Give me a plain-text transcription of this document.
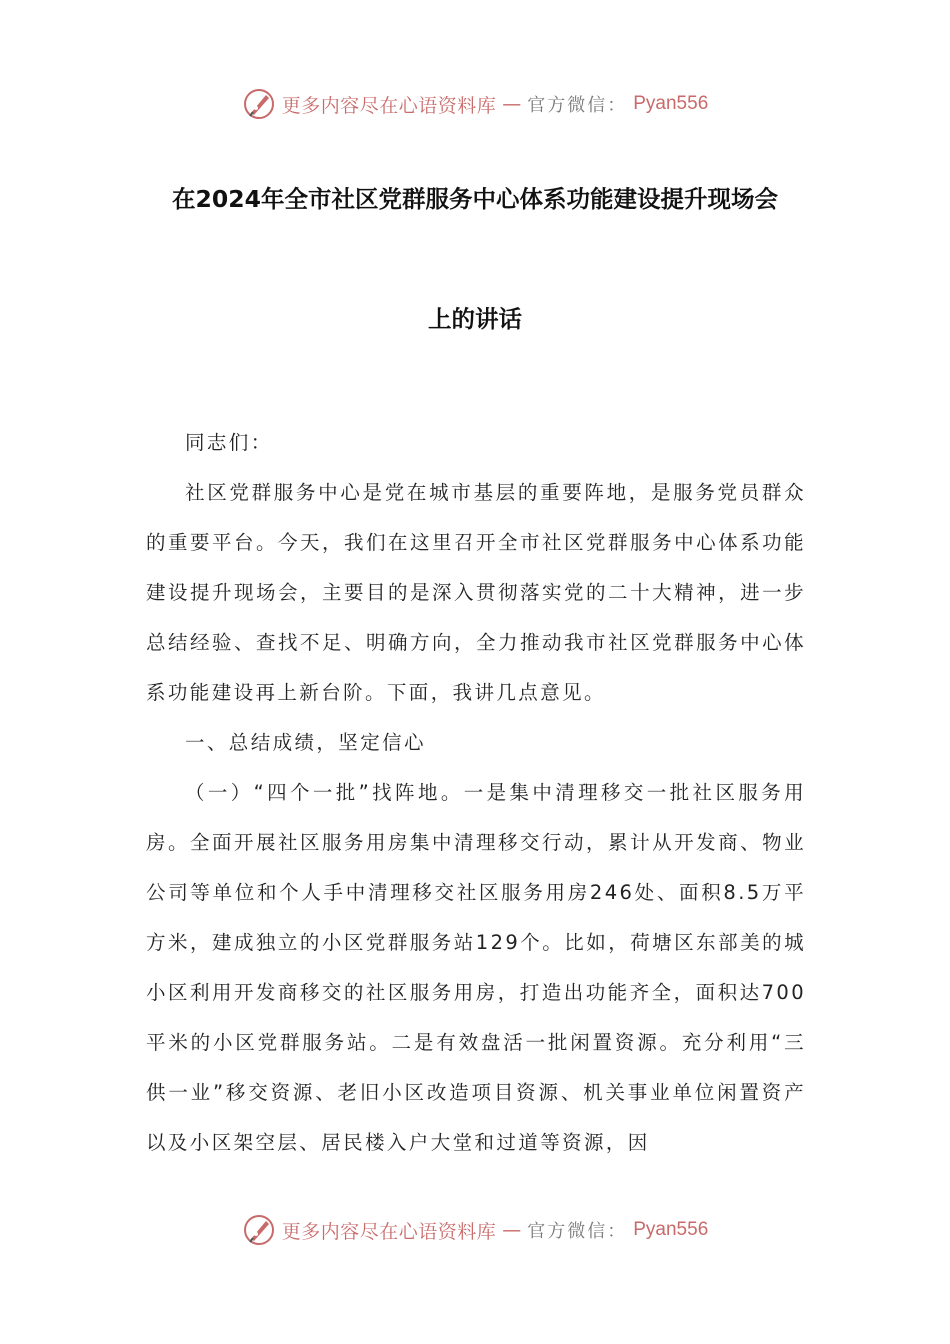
更多内容尽在心语资料库 — 官方微信： Pyan556
在2024年全市社区党群服务中心体系功能建设提升现场会
上的讲话

同志们：

社区党群服务中心是党在城市基层的重要阵地，是服务党员群众的重要平台。今天，我们在这里召开全市社区党群服务中心体系功能建设提升现场会，主要目的是深入贯彻落实党的二十大精神，进一步总结经验、查找不足、明确方向，全力推动我市社区党群服务中心体系功能建设再上新台阶。下面，我讲几点意见。

一、总结成绩，坚定信心

（一）“四个一批”找阵地。一是集中清理移交一批社区服务用房。全面开展社区服务用房集中清理移交行动，累计从开发商、物业公司等单位和个人手中清理移交社区服务用房246处、面积8.5万平方米，建成独立的小区党群服务站129个。比如，荷塘区东部美的城小区利用开发商移交的社区服务用房，打造出功能齐全，面积达700平米的小区党群服务站。二是有效盘活一批闲置资源。充分利用“三供一业”移交资源、老旧小区改造项目资源、机关事业单位闲置资产以及小区架空层、居民楼入户大堂和过道等资源，因

更多内容尽在心语资料库 — 官方微信： Pyan556
